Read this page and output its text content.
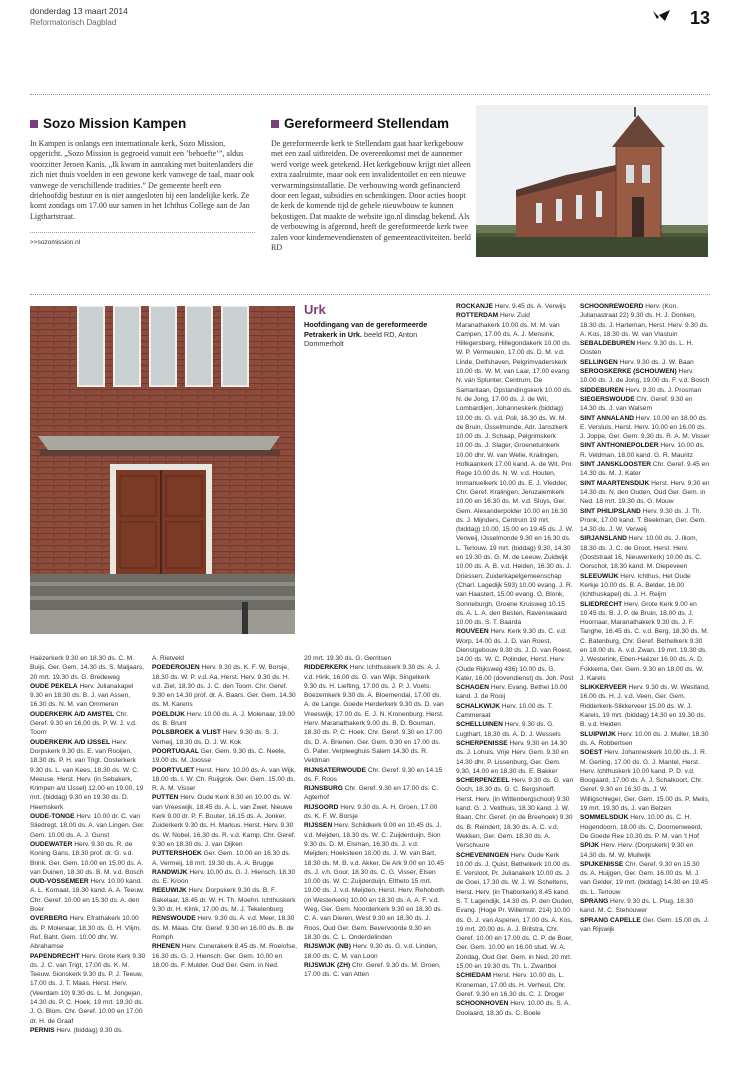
donderdag 13 maart 2014
Reformatorisch Dagblad	13
Sozo Mission Kampen
In Kampen is onlangs een internationale kerk, Sozo Mission, opgericht. „Sozo Mission is gegroeid vanuit een ’behoefte’”, aldus voorzitter Jeroen Kanis. „Ik kwam in aanraking met buitenlanders die zich niet thuis voelden in een gewone kerk vanwege de taal, maar ook vanwege de verschillende tradities.” De gemeente heeft een driehoofdig bestuur en is niet aangesloten bij een landelijke kerk. Ze komt zondags om 17.00 uur samen in het Ichthus College aan de Jan Ligthartstraat.
>>sozomission.nl
Gereformeerd Stellendam
De gereformeerde kerk te Stellendam gaat haar kerkgebouw met een zaal uitbreiden. De overeenkomst met de aannemer werd vorige week getekend. Het kerkgebouw krijgt niet alleen extra zaalruimte, maar ook een invalidentoilet en een nieuwe verwarmingsinstallatie. De verbouwing wordt gefinancierd door een legaat, subsidies en schenkingen. Door acties hoopt de kerk de komende tijd de gehele nieuwbouw te kunnen bekostigen. Dat maakte de website igo.nl dinsdag bekend. Als de verbouwing is afgerond, heeft de gereformeerde kerk twee zalen voor kindernevendiensten of gemeenteactiviteiten. beeld RD
Urk
Hoofdingang van de gereformeerde Petrakerk in Urk. beeld RD, Anton Dommerholt

Haëzerkerk 9.30 en 18.30 ds. C. M. Buijs. Ger. Gem. 14.30 ds. S. Maljaars, 20 mrt. 19.30 ds. G. Bredeweg

OUDE PEKELA Herv. Julianakapel 9.30 en 18.30 ds. B. J. van Assen, 16.30 ds. N. M. van Ommeren

OUDERKERK A/D AMSTEL Chr. Geref. 9.30 en 16.00 ds. P. W. J. v.d. Toorn

OUDERKERK A/D IJSSEL Herv. Dorpskerk 9.30 ds. E. van Rooijen, 18.30 ds. P. H. van Trigt. Oosterkerk 9.30 ds. L. van Kees, 18.30 ds. W. C. Meeuse. Herst. Herv. (in Sebakerk, Krimpen a/d IJssel) 12.00 en 19.00, 19 mrt. (biddag) 9.30 en 19.30 ds. D. Heemskerk

OUDE-TONGE Herv. 10.00 dr. C. van Sliedregt, 18.00 ds. A. van Lingen. Ger. Gem. 10.00 ds. A. J. Gunst

OUDEWATER Herv. 9.30 ds. R. de Koning Gans, 18.30 prof. dr. G. v.d. Brink. Ger. Gem. 10.00 en 15.00 ds. A. van Duinen, 18.30 ds. B. M. v.d. Bosch

OUD-VOSSEMEER Herv. 10.00 kand. A. L. Kornaat, 18.30 kand. A. A. Teeuw. Chr. Geref. 10.00 en 15.30 ds. A. den Boer

OVERBERG Herv. Efrathakerk 10.00 ds. P. Molenaar, 18.30 ds. G. H. Vlijm, Ref. Baht. Gem. 10.00 dhr. W. Abrahamse

PAPENDRECHT Herv. Grote Kerk 9.30 ds. J. C. van Trigt, 17.00 ds. K. M. Teeuw. Sionskerk 9.30 ds. P. J. Teeuw, 17.00 ds. J. T. Maas. Herst. Herv. (Veerdam 10) 9.30 ds. L. M. Jongejan, 14.30 ds. P. C. Hoek, 19 mrt. 19.30 ds. J. G. Blom. Chr. Geref. 10.00 en 17.00 dr. H. de Graaf

PERNIS Herv. (biddag) 9.30 ds.

A. Rietveld

POEDEROIJEN Herv. 9.30 ds. K. F. W. Borsje, 18.30 ds. W. P. v.d. Aa. Herst. Herv. 9.30 ds. H. v.d. Ziel, 18.30 ds. J. C. den Toom. Chr. Geref. 9.30 en 14.30 prof. dr. A. Baars. Ger. Gem. 14.30 ds. M. Karens

POELDIJK Herv. 10.00 ds. A. J. Molenaar, 19.00 ds. B. Brunt

POLSBROEK & VLIST Herv. 9.30 ds. S. J. Verheij, 18.30 ds. D. J. W. Kok

POORTUGAAL Ger. Gem. 9.30 ds. C. Neele, 19.00 ds. M. Joosse

POORTVLIET Herst. Herv. 10.00 ds. A. van Wijk, 18.00 ds. I. W. Ch. Ruijgrok. Ger. Gem. 15.00 ds. R. A. M. Visser

PUTTEN Herv. Oude Kerk 8.30 en 10.00 ds. W. van Vreeswijk, 18.45 ds. A. L. van Zwet. Nieuwe Kerk 9.00 dr. P. F. Bouter, 16.15 ds. A. Jonker. Zuiderkerk 9.30 ds. H. Markus. Herst. Herv. 9.30 ds. W. Nobel, 16.30 ds. R. v.d. Kamp. Chr. Geref. 9.30 en 18.30 ds. J. van Dijken

PUTTERSHOEK Ger. Gem. 10.00 en 16.30 ds. A. Vermeij, 18 mrt. 19.30 ds. A. A. Brugge

RANDWIJK Herv. 10.00 ds. G. J. Hiensch, 18.30 ds. E. Kroon

REEUWIJK Herv. Dorpskerk 9.30 ds. B. F. Bakelaar, 18.45 dr. W. H. Th. Moehn. Ichthuskerk 9.30 dr. H. Klink, 17.00 ds. M. J. Tekelenburg

RENSWOUDE Herv. 9.30 ds. A. v.d. Meer, 18.30 ds. M. Maas. Chr. Geref. 9.30 en 16.00 ds. B. de Romph

RHENEN Herv. Cunerakerk 8.45 ds. M. Roelofse, 16.30 ds. G. J. Hiensch. Ger. Gem. 10.00 en 18.00 ds. F. Mulder. Oud Ger. Gem. in Ned.

20 mrt. 19.30 ds. G. Gerritsen

RIDDERKERK Herv. Ichthuskerk 9.30 ds. A. J. v.d. Hirik, 16.00 ds. G. van Wijk. Singelkerk 9.30 ds. H. Liefting, 17.00 ds. J. P. J. Voets. Boezemkerk 9.30 ds. A. Bloemendal, 17.00 ds. A. de Lange. Goede Herderkerk 9.30 ds. D. van Vreeswijk, 17.00 ds. E. J. N. Kronenburg. Herst. Herv. Maranathakerk 9.00 ds. B. D. Bouman, 18.30 ds. P. C. Hoek. Chr. Geref. 9.30 en 17.00 ds. D. A. Brienen. Ger. Gem. 9.30 en 17.00 ds. G. Pater. Verpleeghuis Salem 14.30 ds. R. Veldman

RIJNSATERWOUDE Chr. Geref. 9.30 en 14.15 ds. F. Roos

RIJNSBURG Chr. Geref. 9.30 en 17.00 ds. C. Agterhof

RIJSOORD Herv. 9.30 ds. A. H. Groen, 17.00 ds. K. F. W. Borsje

RIJSSEN Herv. Schildkerk 9.00 en 10.45 ds. J. v.d. Meijden, 18.30 ds. W. C. Zuijderduijn, Sion 9.30 ds. D. M. Elsman, 16.30 ds. J. v.d. Meijden, Hoeksteen 10.00 ds. J. W. van Bart, 18.30 ds. M. B. v.d. Akker, De Ark 9.00 en 10.45 ds. J. v.h. Goor, 18.30 ds. C. G. Visser, Elsen 10.00 ds. W. C. Zuijderduijn, Eltheto 15 mrt. 19.00 ds. J. v.d. Meijden, Herst. Herv. Rehoboth (in Westerkerk) 10.00 en 18.30 ds. A. A. F. v.d. Weg, Ger. Gem. Noorderkerk 9.30 en 18.30 ds. C. A. van Dieren, West 9.30 en 18.30 ds. J. Roos, Oud Ger. Gem. Bevervoorde 9.30 en 18.30 ds. C. L. Onderdelinden

RIJSWIJK (NB) Herv. 9.30 ds. G. v.d. Linden, 18.00 ds. C. M. van Loon

RIJSWIJK (ZH) Chr. Geref. 9.30 ds. M. Groen, 17.00 ds. C. van Atten

ROCKANJE Herv. 9.45 ds. A. Verwijs

ROTTERDAM Herv. Zuid Maranathakerk 10.00 ds. M. M. van Campen, 17.00 ds. A. J. Mensink, Hillegersberg, Hillegondakerk 10.00 ds. W. P. Vermeulen, 17.00 ds. D. M. v.d. Linde, Delfshaven, Pelgrimvaderskerk 10.00 ds. W. M. van Laar, 17.00 evang. N. van Splunter, Centrum, De Samaritaan, Opstandingskerk 10.00 ds. N. de Jong, 17.00 ds. J. de Wit, Lombardijen, Johanneskerk (biddag) 10.00 ds. G. v.d. Poll, 16.30 ds. W. M. de Bruin, IJsselmonde, Adr. Janszkerk 10.00 ds. J. Schaap, Pelgrimskerk 10.00 ds. J. Slager, Groenetuinkerk 10.00 dhr. W. van Welie, Kralingen, Hofkaankerk 17.00 kand. A. de Wit, Pro Rege 10.00 ds. N. W. v.d. Houten, Immanuelkerk 10.00 ds. E. J. Vledder, Chr. Geref. Kralingen, Jeruzalemkerk 10.00 en 16.30 ds. M. v.d. Sluys, Ger. Gem. Alexanderpolder 10.00 en 16.30 ds. J. Mijnders, Centrum 19 mrt. (biddag) 10.00, 15.00 en 19.45 ds. J. W. Verweij, IJsselmonde 9.30 en 16.30 ds. L. Terlouw, 19 mrt. (biddag) 9.30, 14.30 en 19.30 ds. G. M. de Leeuw, Zuidwijk 10.00 ds. A. B. v.d. Heiden, 16.30 ds. J. Driessen, Zuiderkapelgemeenschap (Charl. Lagedijk 593) 10.00 evang. J. R. van Haastert, 15.00 evang. G. Blonk, Sonneburgh, Groene Kruisweg 10.15 ds. A. L. A. den Besten, Ravenswaard 10.00 ds. S. T. Baarda

ROUVEEN Herv. Kerk 9.30 ds. C. v.d. Worp, 14.00 ds. J. D. van Roest, Dienstgebouw 9.30 ds. J. D. van Roest, 14.00 ds. W. C. Polinder, Herst. Herv. (Oude Rijksweg 436) 10.00 ds. G. Kater, 16.00 (dovendienst) ds. Joh. Post

SCHAGEN Herv. Evang. Bethel 10.00 kand. J. de Rooij

SCHALKWIJK Herv. 10.00 ds. T. Cammeraat

SCHELLUINEN Herv. 9.30 ds. G. Lugthart, 18.30 ds. A. D. J. Wessels

SCHERPENISSE Herv. 9.30 en 14.30 ds. J. Lohuis, Vrije Herv. Gem. 9.30 en 14.30 dhr. P. Lissenburg, Ger. Gem. 9.30, 14.00 en 18.30 ds. E. Bakker

SCHERPENZEEL Herv. 9.30 ds. G. van Goch, 18.30 ds. G. C. Bergshoeff. Herst. Herv. (in Wittenbergschool) 9.30 kand. G. J. Veldhuis, 18.30 kand. J. W. Baan, Chr. Geref. (in de Breehoek) 9.30 ds. B. Reindert, 18.30 ds. A. C. v.d. Wekken, Ger. Gem. 18.30 ds. A. Verschuure

SCHEVENINGEN Herv. Oude Kerk 10.00 ds. J. Quist, Bethelkerk 10.00 ds. E. Versloot, Pr. Julianakerk 10.00 ds. J. de Goei, 17.30 ds. W. J. W. Scheltens, Herst. Herv. (in Thaborkerk) 8.45 kand. S. T. Lagendijk, 14.30 ds. P. den Ouden, Evang. (Hoge Pr. Willemstr. 214) 10.00 ds. G. J. van Asperen, 17.00 ds. A. Kos, 19 mrt. 20.00 ds. A. J. Britstra, Chr. Geref. 10.00 en 17.00 ds. C. P. de Boer, Ger. Gem. 10.00 en 16.00 stud. W. A. Zondag, Oud Ger. Gem. in Ned. 20 mrt. 15.00 en 19.30 ds. Th. L. Zwartbol

SCHIEDAM Herst. Herv. 10.00 ds. L. Kroneman, 17.00 ds. H. Verheul, Chr. Geref. 9.30 en 16.30 ds. C. J. Droger

SCHOONHOVEN Herv. 10.00 ds. S. A. Doolaard, 18.30 ds. C. Boele

SCHOONREWOERD Herv. (Kon. Julianastraat 22) 9.30 ds. H. J. Donken, 18.30 ds. J. Harteman, Herst. Herv. 9.30 ds. A. Kos, 18.30 ds. W. van Vlastuin

SEBALDEBUREN Herv. 9.30 ds. L. H. Oosten

SELLINGEN Herv. 9.30 ds. J. W. Baan

SEROOSKERKE (SCHOUWEN) Herv. 10.00 ds. J. de Jong, 19.00 ds. F. v.d. Bosch

SIDDEBUREN Herv. 9.30 ds. J. Prosman

SIEGERSWOUDE Chr. Geref. 9.30 en 14.30 ds. J. van Walsem

SINT ANNALAND Herv. 10.00 en 18.00 ds. E. Versluis, Herst. Herv. 10.00 en 16.00 ds. J. Joppe, Ger. Gem. 9.30 ds. R. A. M. Visser

SINT ANTHONIEPOLDER Herv. 10.00 ds. R. Veldman, 18.00 kand. G. R. Mauritz

SINT JANSKLOOSTER Chr. Geref. 9.45 en 14.30 ds. M. J. Kater

SINT MAARTENSDIJK Herst. Herv. 9.30 en 14.30 ds. N. den Ouden, Oud Ger. Gem. in Ned. 18 mrt. 19.30 ds. G. Mouw

SINT PHILIPSLAND Herv. 9.30 ds. J. Th. Pronk, 17.00 kand. T. Beekman, Ger. Gem. 14.30 ds. J. W. Verweij

SIRJANSLAND Herv. 10.00 ds. J. Illom, 18.30 ds. J. C. de Groot, Herst. Herv. (Ooststraat 16, Nieuwerkerk) 10.00 ds. C. Oorschot, 18.30 kand. M. Diepeveen

SLEEUWIJK Herv. Ichthus, Het Oude Kerkje 10.00 ds. B. A. Belder, 16.00 (Ichthuskapel) ds. J. H. Reijm

SLIEDRECHT Herv. Grote Kerk 9.00 en 10.45 ds. B. J. P. de Bruin, 18.00 ds. J. Hoornaar, Maranathakerk 9.30 ds. J. F. Tanghe, 16.45 ds. C. v.d. Berg, 18.30 ds. M. C. Batenburg, Chr. Geref. Bethelkerk 9.30 en 18.00 ds. A. v.d. Zwan, 19 mrt. 19.30 ds. J. Westerink, Eben-Haëzer 16.00 ds. A. D. Fokkema, Ger. Gem. 9.30 en 18.00 ds. W. J. Karels

SLIKKERVEER Herv. 9.30 ds. W. Westland, 16.00 ds. H. J. v.d. Veen, Ger. Gem. Ridderkerk-Slikkerveer 15.00 ds. W. J. Karels, 19 mrt. (biddag) 14.30 en 19.30 ds. B. v.d. Heiden

SLUIPWIJK Herv. 10.00 ds. J. Muller, 18.30 ds. A. Robbertsen

SOEST Herv. Johanneskerk 10.00 ds. J. R. M. Gerling, 17.00 ds. G. J. Mantel, Herst. Herv. Ichthuskerk 10.00 kand. P. D. v.d. Boogaard, 17.00 ds. A. J. Schalkoort, Chr. Geref. 9.30 en 16.30 ds. J. W. Willigschleger, Ger. Gem. 15.00 ds. P. Melis, 19 mrt. 19.30 ds. J. van Belzen

SOMMELSDIJK Herv. 10.00 ds. C. H. Hogendoorn, 18.00 ds. C. Doornenweerd, De Goede Ree 10.30 ds. P. M. van ’t Hof

SPIJK Herv. Herv. (Dorpskerk) 9.30 en 14.30 ds. M. W. Muilwijk

SPIJKENISSE Chr. Geref. 9.30 en 15.30 ds. A. Huijgen, Ger. Gem. 16.00 ds. M. J. van Gelder, 19 mrt. (biddag) 14.30 en 19.45 ds. L. Terlouw

SPRANG Herv. 9.30 ds. L. Plug, 18.30 kand. M. C. Stehouwer

SPRANG CAPELLE Ger. Gem. 15.00 ds. J. van Rijswijk
